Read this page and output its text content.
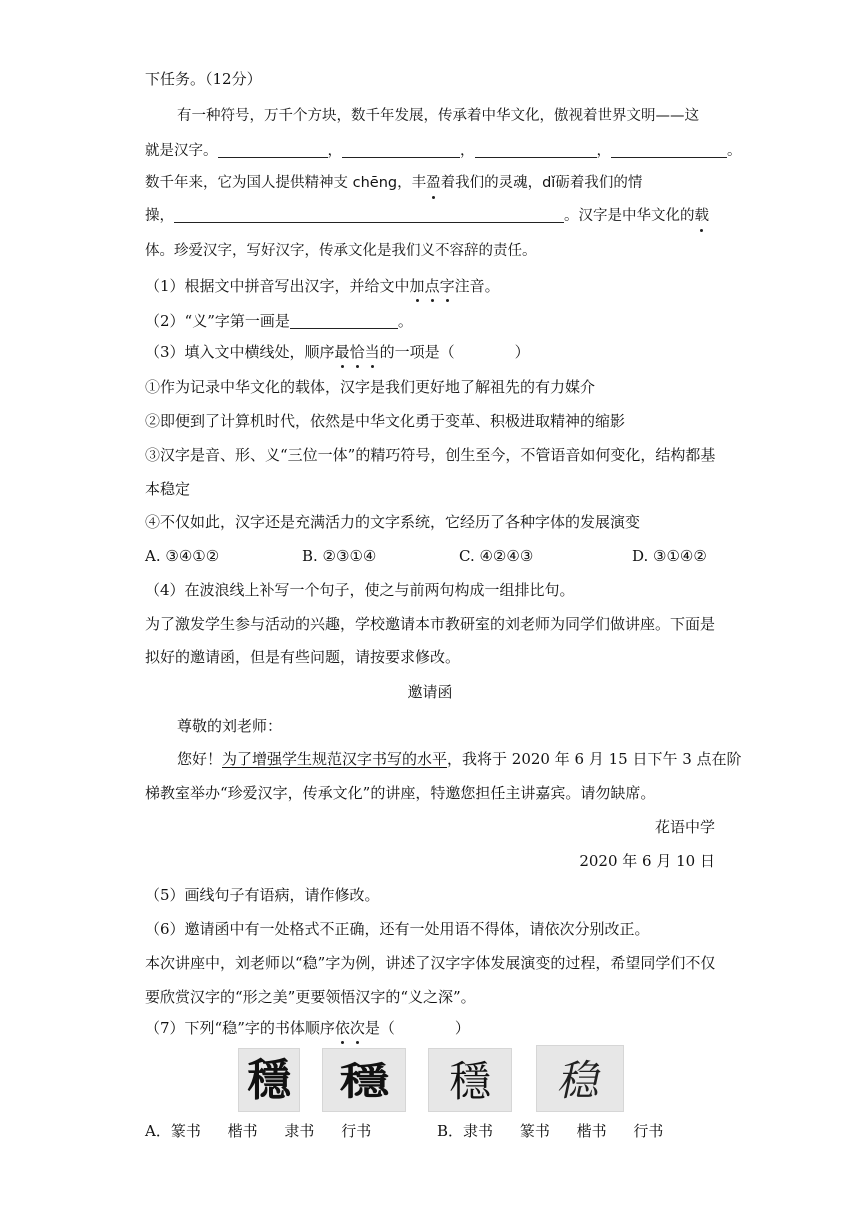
下任务。（12分）
有一种符号，万千个方块，数千年发展，传承着中华文化，傲视着世界文明——这
就是汉字。	，	，	，	。
数千年来，它为国人提供精神支 chēng，丰盈着我们的灵魂，dǐ砺着我们的情
操，	。汉字是中华文化的载
体。珍爱汉字，写好汉字，传承文化是我们义不容辞的责任。
（1）根据文中拼音写出汉字，并给文中加点字注音。
（2）“义”字第一画是	。
（3）填入文中横线处，顺序最恰当的一项是（　　　　）
①作为记录中华文化的载体，汉字是我们更好地了解祖先的有力媒介
②即便到了计算机时代，依然是中华文化勇于变革、积极进取精神的缩影
③汉字是音、形、义“三位一体”的精巧符号，创生至今，不管语音如何变化，结构都基
本稳定
④不仅如此，汉字还是充满活力的文字系统，它经历了各种字体的发展演变
A. ③④①②	B. ②③①④	C. ④②④③	D. ③①④②
（4）在波浪线上补写一个句子，使之与前两句构成一组排比句。
为了激发学生参与活动的兴趣，学校邀请本市教研室的刘老师为同学们做讲座。下面是
拟好的邀请函，但是有些问题，请按要求修改。
邀请函
尊敬的刘老师：
您好！为了增强学生规范汉字书写的水平，我将于 2020 年 6 月 15 日下午 3 点在阶
梯教室举办“珍爱汉字，传承文化”的讲座，特邀您担任主讲嘉宾。请勿缺席。
花语中学
2020 年 6 月 10 日
（5）画线句子有语病，请作修改。
（6）邀请函中有一处格式不正确，还有一处用语不得体，请依次分别改正。
本次讲座中，刘老师以“稳”字为例，讲述了汉字字体发展演变的过程，希望同学们不仅
要欣赏汉字的“形之美”更要领悟汉字的“义之深”。
（7）下列“稳”字的书体顺序依次是（　　　　）
穩 穩 穩 稳
A．篆书 楷书 隶书 行书	B．隶书 篆书 楷书 行书
